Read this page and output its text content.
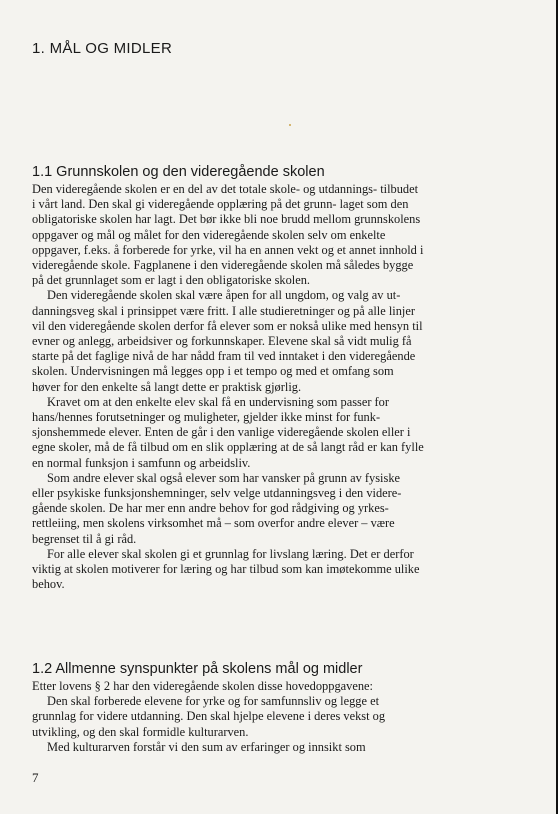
1. MÅL OG MIDLER
1.1 Grunnskolen og den videregående skolen

Den videregående skolen er en del av det totale skole- og utdannings- tilbudet i vårt land. Den skal gi videregående opplæring på det grunn- laget som den obligatoriske skolen har lagt. Det bør ikke bli noe brudd mellom grunnskolens oppgaver og mål og målet for den videregående skolen selv om enkelte oppgaver, f.eks. å forberede for yrke, vil ha en annen vekt og et annet innhold i videregående skole. Fagplanene i den videregående skolen må således bygge på det grunnlaget som er lagt i den obligatoriske skolen.

Den videregående skolen skal være åpen for all ungdom, og valg av ut- danningsveg skal i prinsippet være fritt. I alle studieretninger og på alle linjer vil den videregående skolen derfor få elever som er nokså ulike med hensyn til evner og anlegg, arbeidsiver og forkunnskaper. Elevene skal så vidt mulig få starte på det faglige nivå de har nådd fram til ved inntaket i den videregående skolen. Undervisningen må legges opp i et tempo og med et omfang som høver for den enkelte så langt dette er praktisk gjørlig.

Kravet om at den enkelte elev skal få en undervisning som passer for hans/hennes forutsetninger og muligheter, gjelder ikke minst for funk- sjonshemmede elever. Enten de går i den vanlige videregående skolen eller i egne skoler, må de få tilbud om en slik opplæring at de så langt råd er kan fylle en normal funksjon i samfunn og arbeidsliv.

Som andre elever skal også elever som har vansker på grunn av fysiske eller psykiske funksjonshemninger, selv velge utdanningsveg i den videre- gående skolen. De har mer enn andre behov for god rådgiving og yrkes- rettleiing, men skolens virksomhet må – som overfor andre elever – være begrenset til å gi råd.

For alle elever skal skolen gi et grunnlag for livslang læring. Det er derfor viktig at skolen motiverer for læring og har tilbud som kan imøtekomme ulike behov.

1.2 Allmenne synspunkter på skolens mål og midler

Etter lovens § 2 har den videregående skolen disse hovedoppgavene:

Den skal forberede elevene for yrke og for samfunnsliv og legge et grunnlag for videre utdanning. Den skal hjelpe elevene i deres vekst og utvikling, og den skal formidle kulturarven.

Med kulturarven forstår vi den sum av erfaringer og innsikt som

7
